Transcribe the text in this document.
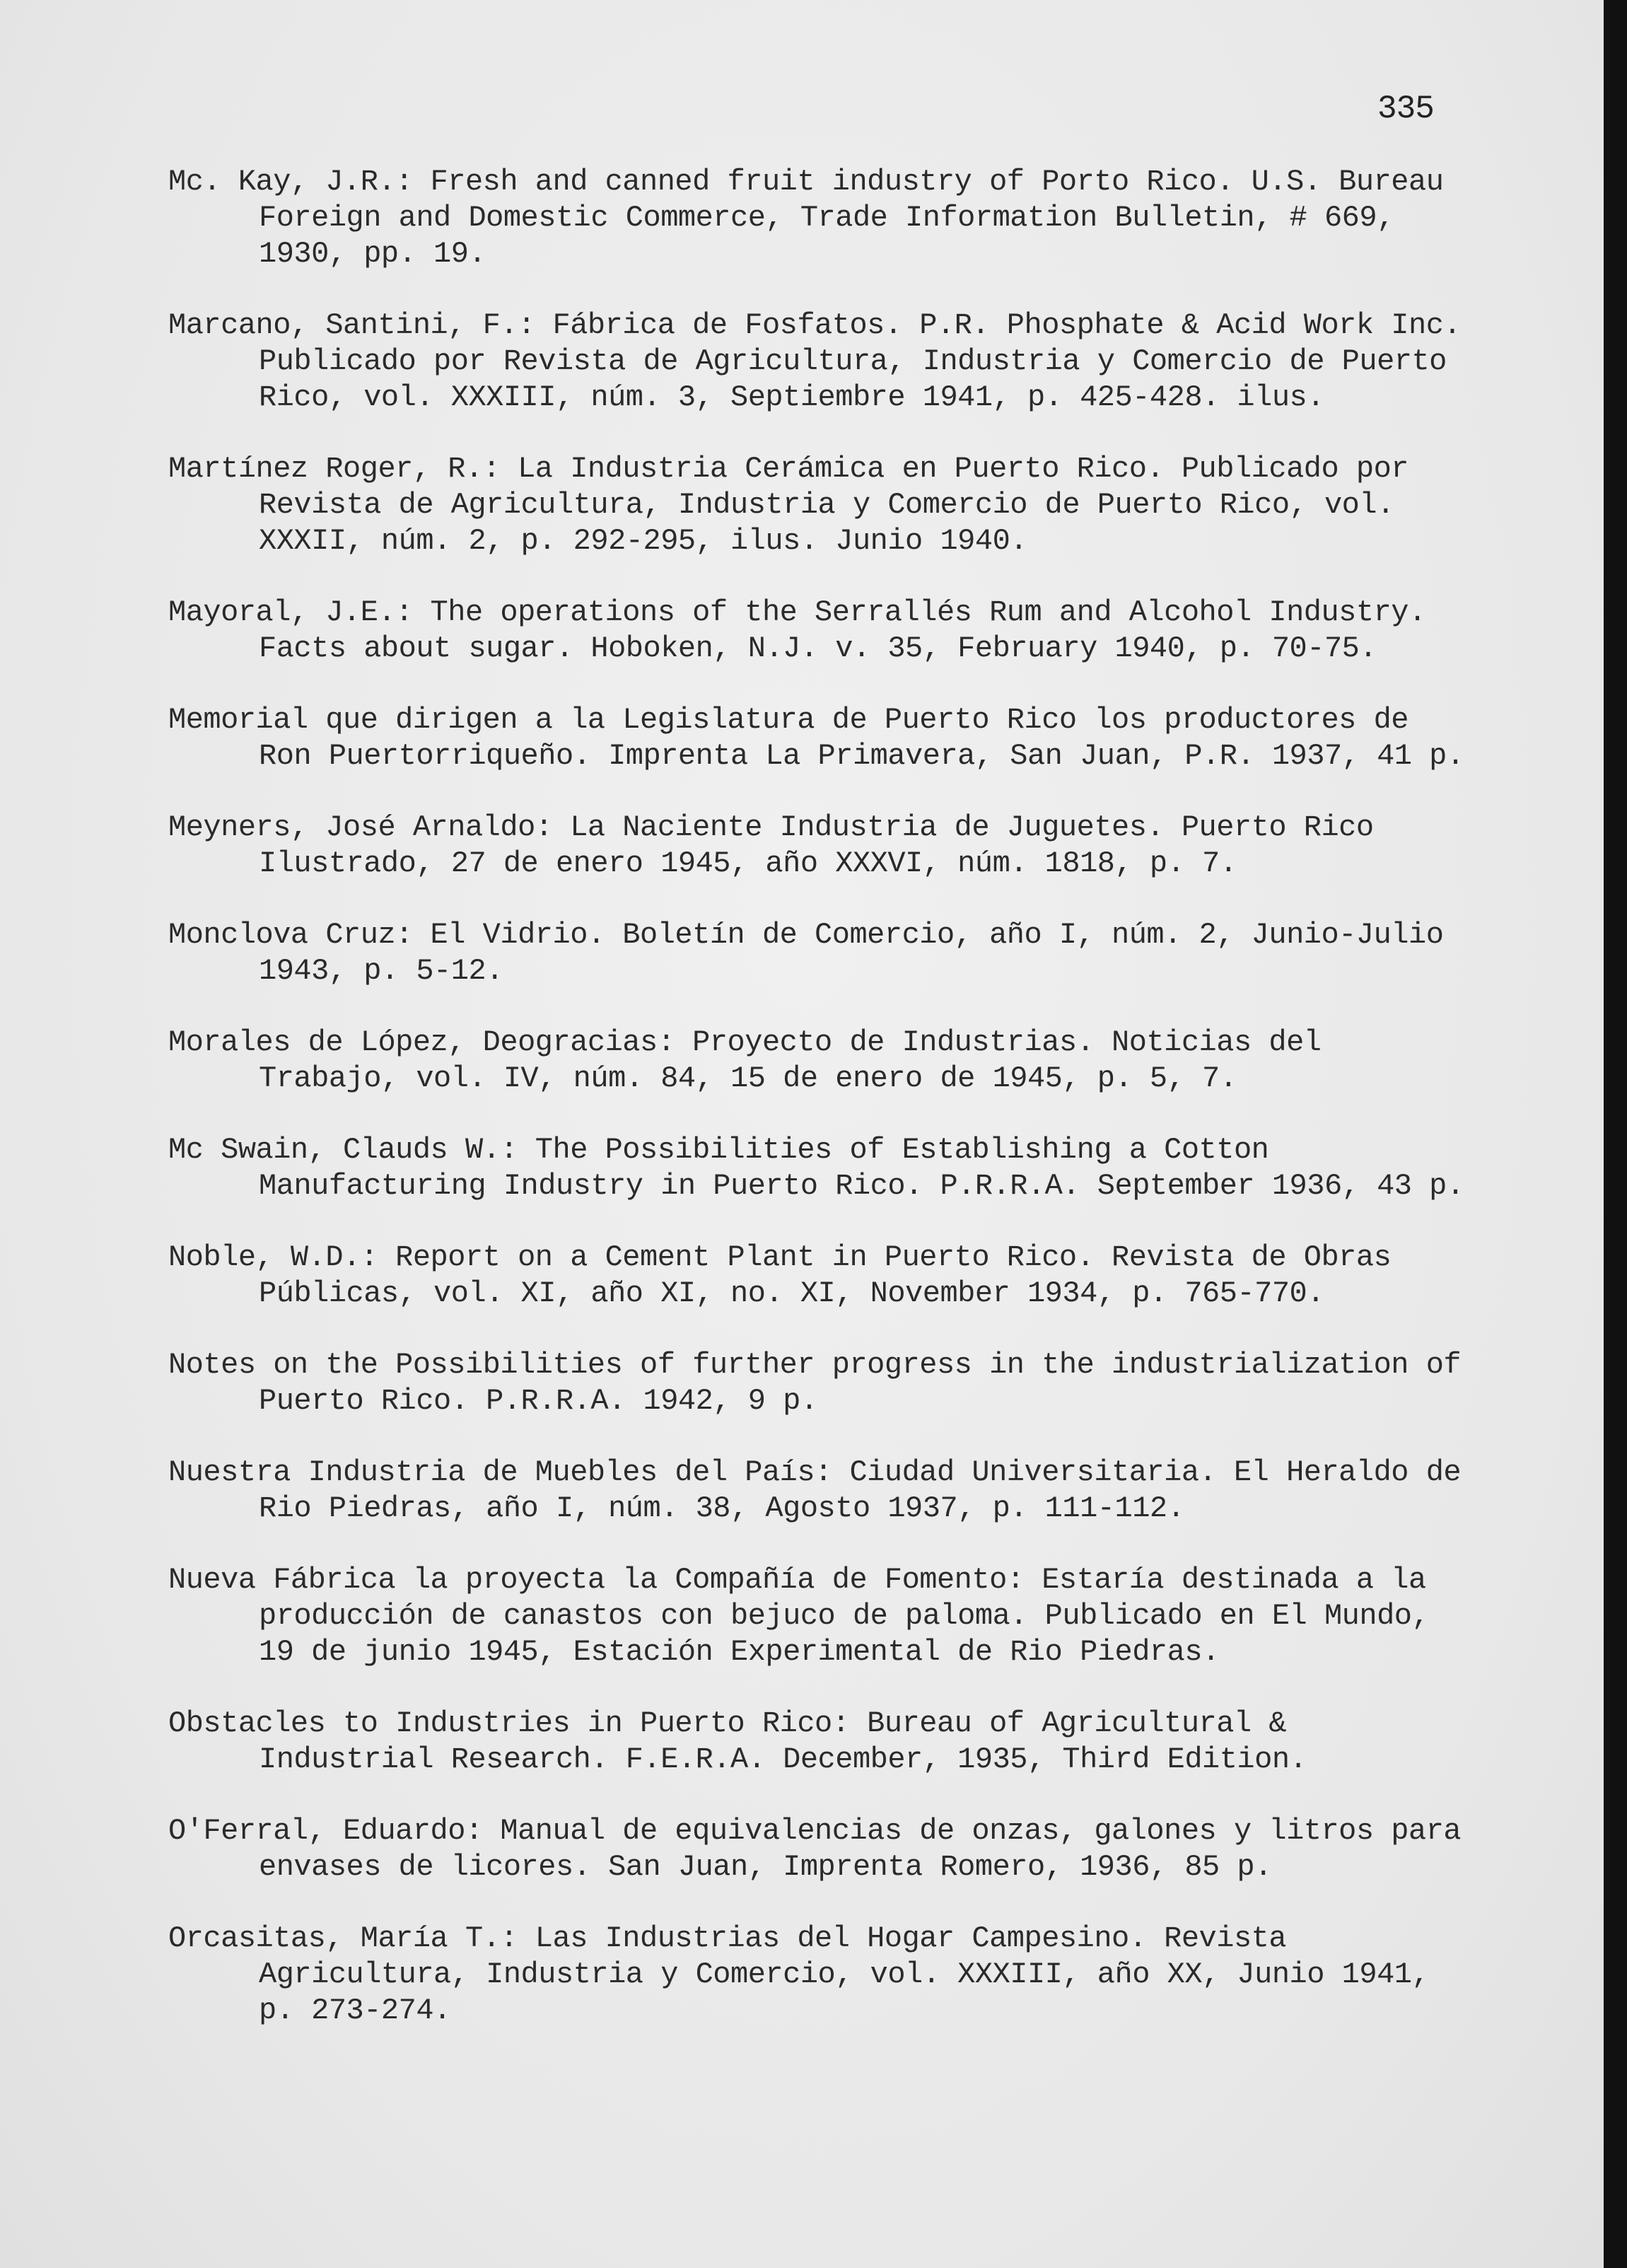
335
Mc. Kay, J.R.: Fresh and canned fruit industry of Porto Rico. U.S. Bureau Foreign and Domestic Commerce, Trade Information Bulletin, # 669, 1930, pp. 19.
Marcano, Santini, F.: Fábrica de Fosfatos. P.R. Phosphate & Acid Work Inc. Publicado por Revista de Agricultura, Industria y Comercio de Puerto Rico, vol. XXXIII, núm. 3, Septiembre 1941, p. 425-428. ilus.
Martínez Roger, R.: La Industria Cerámica en Puerto Rico. Publicado por Revista de Agricultura, Industria y Comercio de Puerto Rico, vol. XXXII, núm. 2, p. 292-295, ilus. Junio 1940.
Mayoral, J.E.: The operations of the Serrallés Rum and Alcohol Industry. Facts about sugar. Hoboken, N.J. v. 35, February 1940, p. 70-75.
Memorial que dirigen a la Legislatura de Puerto Rico los productores de Ron Puertorriqueño. Imprenta La Primavera, San Juan, P.R. 1937, 41 p.
Meyners, José Arnaldo: La Naciente Industria de Juguetes. Puerto Rico Ilustrado, 27 de enero 1945, año XXXVI, núm. 1818, p. 7.
Monclova Cruz: El Vidrio. Boletín de Comercio, año I, núm. 2, Junio-Julio 1943, p. 5-12.
Morales de López, Deogracias: Proyecto de Industrias. Noticias del Trabajo, vol. IV, núm. 84, 15 de enero de 1945, p. 5, 7.
Mc Swain, Clauds W.: The Possibilities of Establishing a Cotton Manufacturing Industry in Puerto Rico. P.R.R.A. September 1936, 43 p.
Noble, W.D.: Report on a Cement Plant in Puerto Rico. Revista de Obras Públicas, vol. XI, año XI, no. XI, November 1934, p. 765-770.
Notes on the Possibilities of further progress in the industrialization of Puerto Rico. P.R.R.A. 1942, 9 p.
Nuestra Industria de Muebles del País: Ciudad Universitaria. El Heraldo de Rio Piedras, año I, núm. 38, Agosto 1937, p. 111-112.
Nueva Fábrica la proyecta la Compañía de Fomento: Estaría destinada a la producción de canastos con bejuco de paloma. Publicado en El Mundo, 19 de junio 1945, Estación Experimental de Rio Piedras.
Obstacles to Industries in Puerto Rico: Bureau of Agricultural & Industrial Research. F.E.R.A. December, 1935, Third Edition.
O'Ferral, Eduardo: Manual de equivalencias de onzas, galones y litros para envases de licores. San Juan, Imprenta Romero, 1936, 85 p.
Orcasitas, María T.: Las Industrias del Hogar Campesino. Revista Agricultura, Industria y Comercio, vol. XXXIII, año XX, Junio 1941, p. 273-274.
